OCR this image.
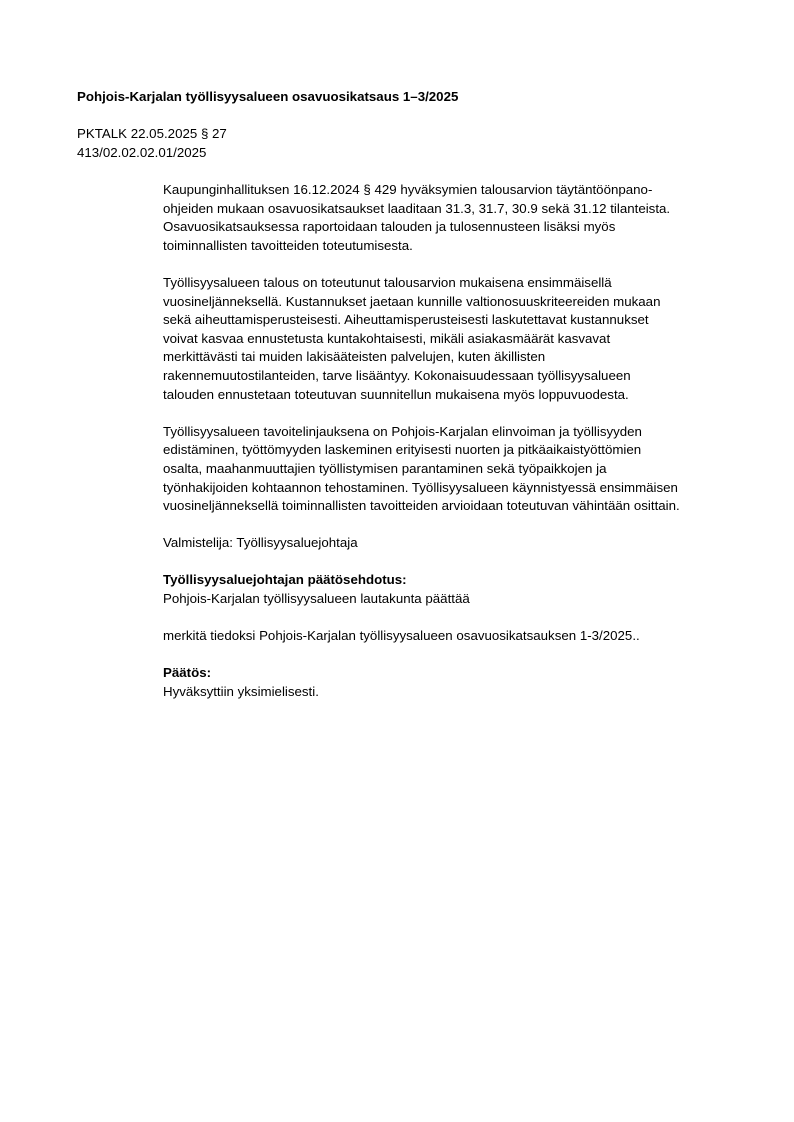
Pohjois-Karjalan työllisyysalueen osavuosikatsaus 1–3/2025
PKTALK 22.05.2025 § 27
413/02.02.02.01/2025
Kaupunginhallituksen 16.12.2024 § 429 hyväksymien talousarvion täytäntöönpano-
ohjeiden mukaan osavuosikatsaukset laaditaan 31.3, 31.7, 30.9 sekä 31.12 tilanteista.
Osavuosikatsauksessa raportoidaan talouden ja tulosennusteen lisäksi myös
toiminnallisten tavoitteiden toteutumisesta.
Työllisyysalueen talous on toteutunut talousarvion mukaisena ensimmäisellä
vuosineljänneksellä. Kustannukset jaetaan kunnille valtionosuuskriteereiden mukaan
sekä aiheuttamisperusteisesti. Aiheuttamisperusteisesti laskutettavat kustannukset
voivat kasvaa ennustetusta kuntakohtaisesti, mikäli asiakasmäärät kasvavat
merkittävästi tai muiden lakisääteisten palvelujen, kuten äkillisten
rakennemuutostilanteiden, tarve lisääntyy. Kokonaisuudessaan työllisyysalueen
talouden ennustetaan toteutuvan suunnitellun mukaisena myös loppuvuodesta.
Työllisyysalueen tavoitelinjauksena on Pohjois-Karjalan elinvoiman ja työllisyyden
edistäminen, työttömyyden laskeminen erityisesti nuorten ja pitkäaikaistyöttömien
osalta, maahanmuuttajien työllistymisen parantaminen sekä työpaikkojen ja
työnhakijoiden kohtaannon tehostaminen. Työllisyysalueen käynnistyessä ensimmäisen
vuosineljänneksellä toiminnallisten tavoitteiden arvioidaan toteutuvan vähintään osittain.
Valmistelija: Työllisyysaluejohtaja
Työllisyysaluejohtajan päätösehdotus:
Pohjois-Karjalan työllisyysalueen lautakunta päättää
merkitä tiedoksi Pohjois-Karjalan työllisyysalueen osavuosikatsauksen 1-3/2025..
Päätös:
Hyväksyttiin yksimielisesti.
